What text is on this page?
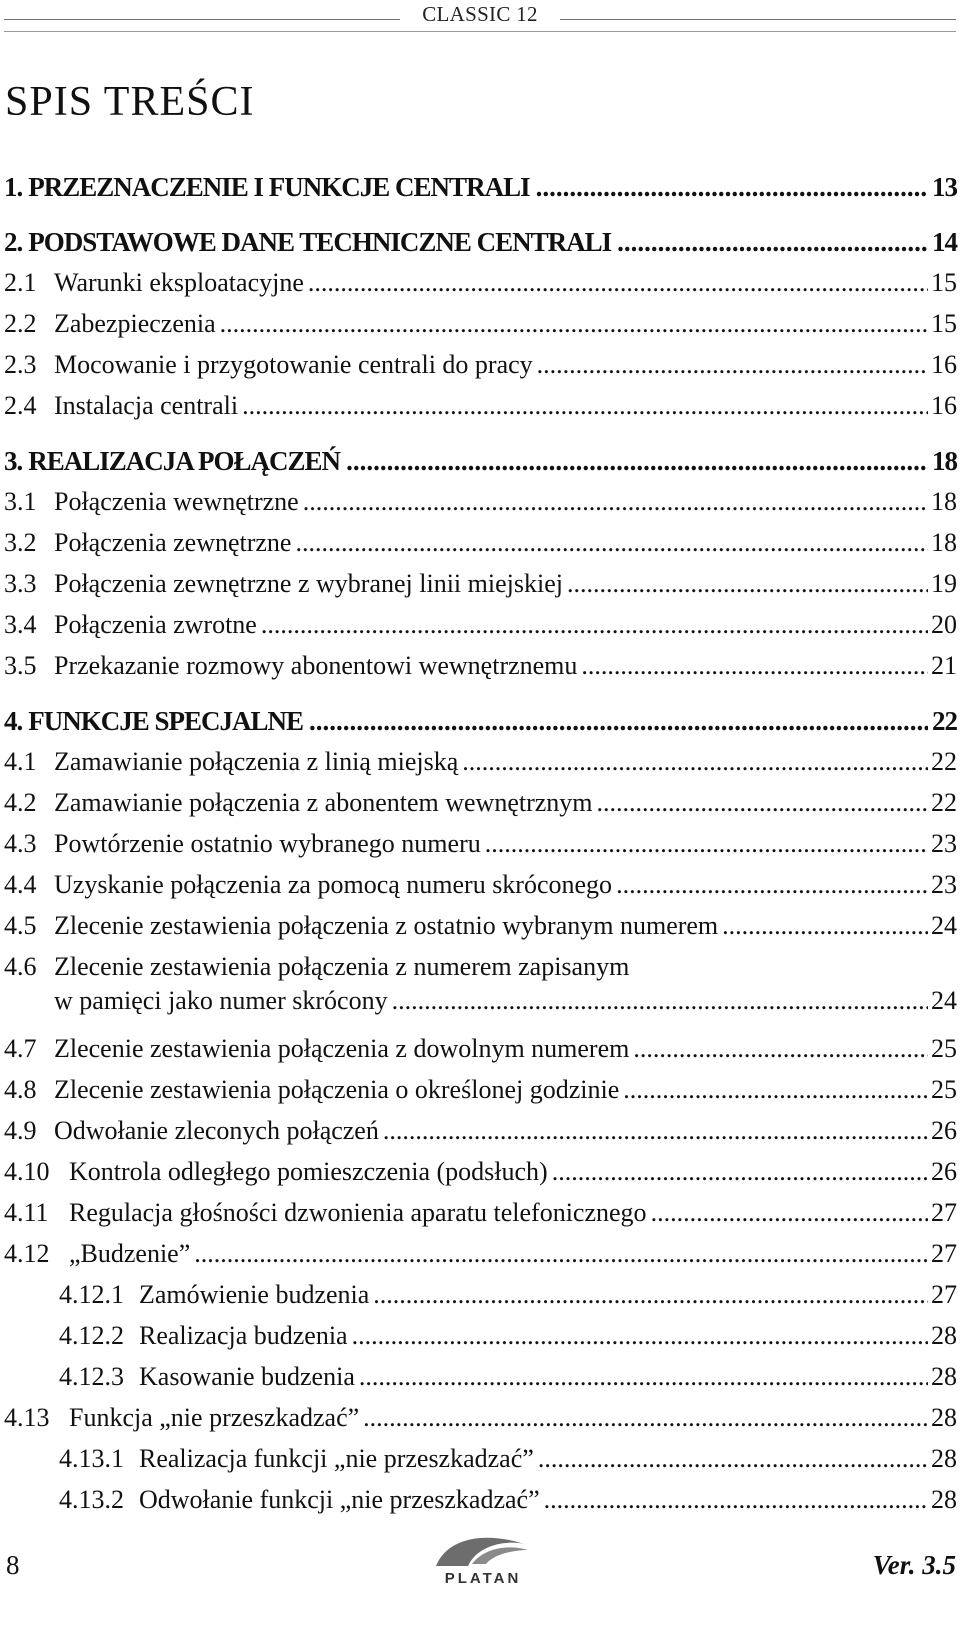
CLASSIC 12
SPIS TREŚCI
1. PRZEZNACZENIE I FUNKCJE CENTRALI .....	13
2. PODSTAWOWE DANE TECHNICZNE CENTRALI .....	14
2.1 Warunki eksploatacyjne .....	15
2.2 Zabezpieczenia .....	15
2.3 Mocowanie i przygotowanie centrali do pracy .....	16
2.4 Instalacja centrali .....	16
3. REALIZACJA POŁĄCZEŃ .....	18
3.1 Połączenia wewnętrzne .....	18
3.2 Połączenia zewnętrzne .....	18
3.3 Połączenia zewnętrzne z wybranej linii miejskiej .....	19
3.4 Połączenia zwrotne .....	20
3.5 Przekazanie rozmowy abonentowi wewnętrznemu .....	21
4. FUNKCJE SPECJALNE .....	22
4.1 Zamawianie połączenia z linią miejską .....	22
4.2 Zamawianie połączenia z abonentem wewnętrznym .....	22
4.3 Powtórzenie ostatnio wybranego numeru .....	23
4.4 Uzyskanie połączenia za pomocą numeru skróconego .....	23
4.5 Zlecenie zestawienia połączenia z ostatnio wybranym numerem .....	24
4.6 Zlecenie zestawienia połączenia z numerem zapisanym
w pamięci jako numer skrócony .....	24
4.7 Zlecenie zestawienia połączenia z dowolnym numerem .....	25
4.8 Zlecenie zestawienia połączenia o określonej godzinie .....	25
4.9 Odwołanie zleconych połączeń .....	26
4.10 Kontrola odległego pomieszczenia (podsłuch) .....	26
4.11 Regulacja głośności dzwonienia aparatu telefonicznego .....	27
4.12 „Budzenie” .....	27
4.12.1 Zamówienie budzenia .....	27
4.12.2 Realizacja budzenia .....	28
4.12.3 Kasowanie budzenia .....	28
4.13 Funkcja „nie przeszkadzać” .....	28
4.13.1 Realizacja funkcji „nie przeszkadzać” .....	28
4.13.2 Odwołanie funkcji „nie przeszkadzać” .....	28
8	PLATAN	Ver. 3.5
